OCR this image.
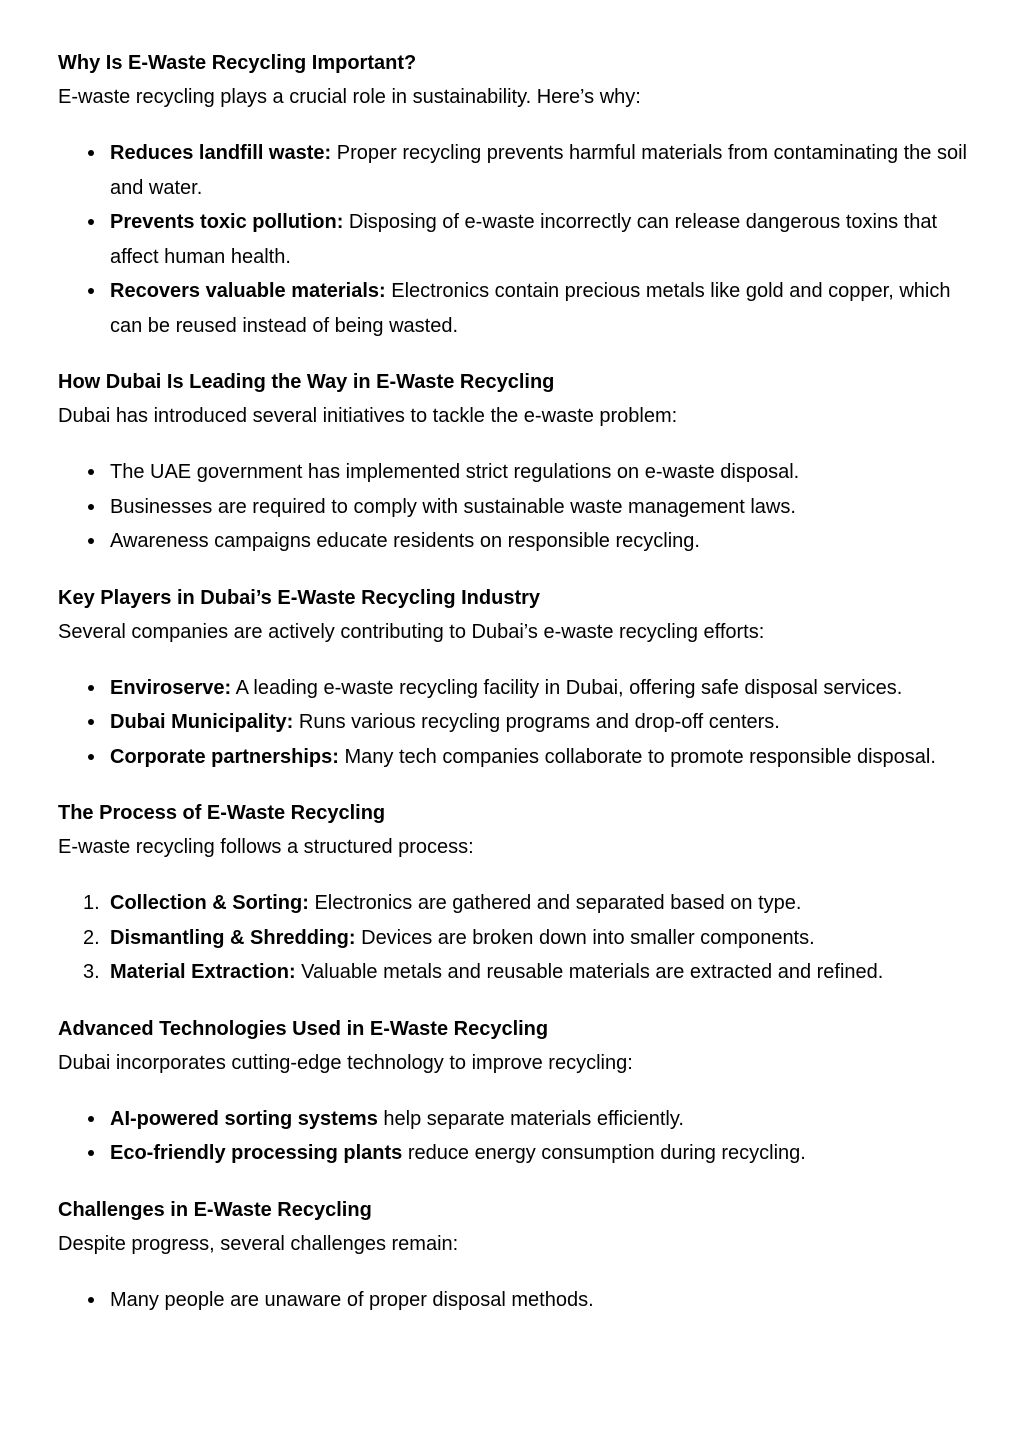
Why Is E-Waste Recycling Important?
E-waste recycling plays a crucial role in sustainability. Here’s why:
Reduces landfill waste: Proper recycling prevents harmful materials from contaminating the soil and water.
Prevents toxic pollution: Disposing of e-waste incorrectly can release dangerous toxins that affect human health.
Recovers valuable materials: Electronics contain precious metals like gold and copper, which can be reused instead of being wasted.
How Dubai Is Leading the Way in E-Waste Recycling
Dubai has introduced several initiatives to tackle the e-waste problem:
The UAE government has implemented strict regulations on e-waste disposal.
Businesses are required to comply with sustainable waste management laws.
Awareness campaigns educate residents on responsible recycling.
Key Players in Dubai’s E-Waste Recycling Industry
Several companies are actively contributing to Dubai’s e-waste recycling efforts:
Enviroserve: A leading e-waste recycling facility in Dubai, offering safe disposal services.
Dubai Municipality: Runs various recycling programs and drop-off centers.
Corporate partnerships: Many tech companies collaborate to promote responsible disposal.
The Process of E-Waste Recycling
E-waste recycling follows a structured process:
1. Collection & Sorting: Electronics are gathered and separated based on type.
2. Dismantling & Shredding: Devices are broken down into smaller components.
3. Material Extraction: Valuable metals and reusable materials are extracted and refined.
Advanced Technologies Used in E-Waste Recycling
Dubai incorporates cutting-edge technology to improve recycling:
AI-powered sorting systems help separate materials efficiently.
Eco-friendly processing plants reduce energy consumption during recycling.
Challenges in E-Waste Recycling
Despite progress, several challenges remain:
Many people are unaware of proper disposal methods.
